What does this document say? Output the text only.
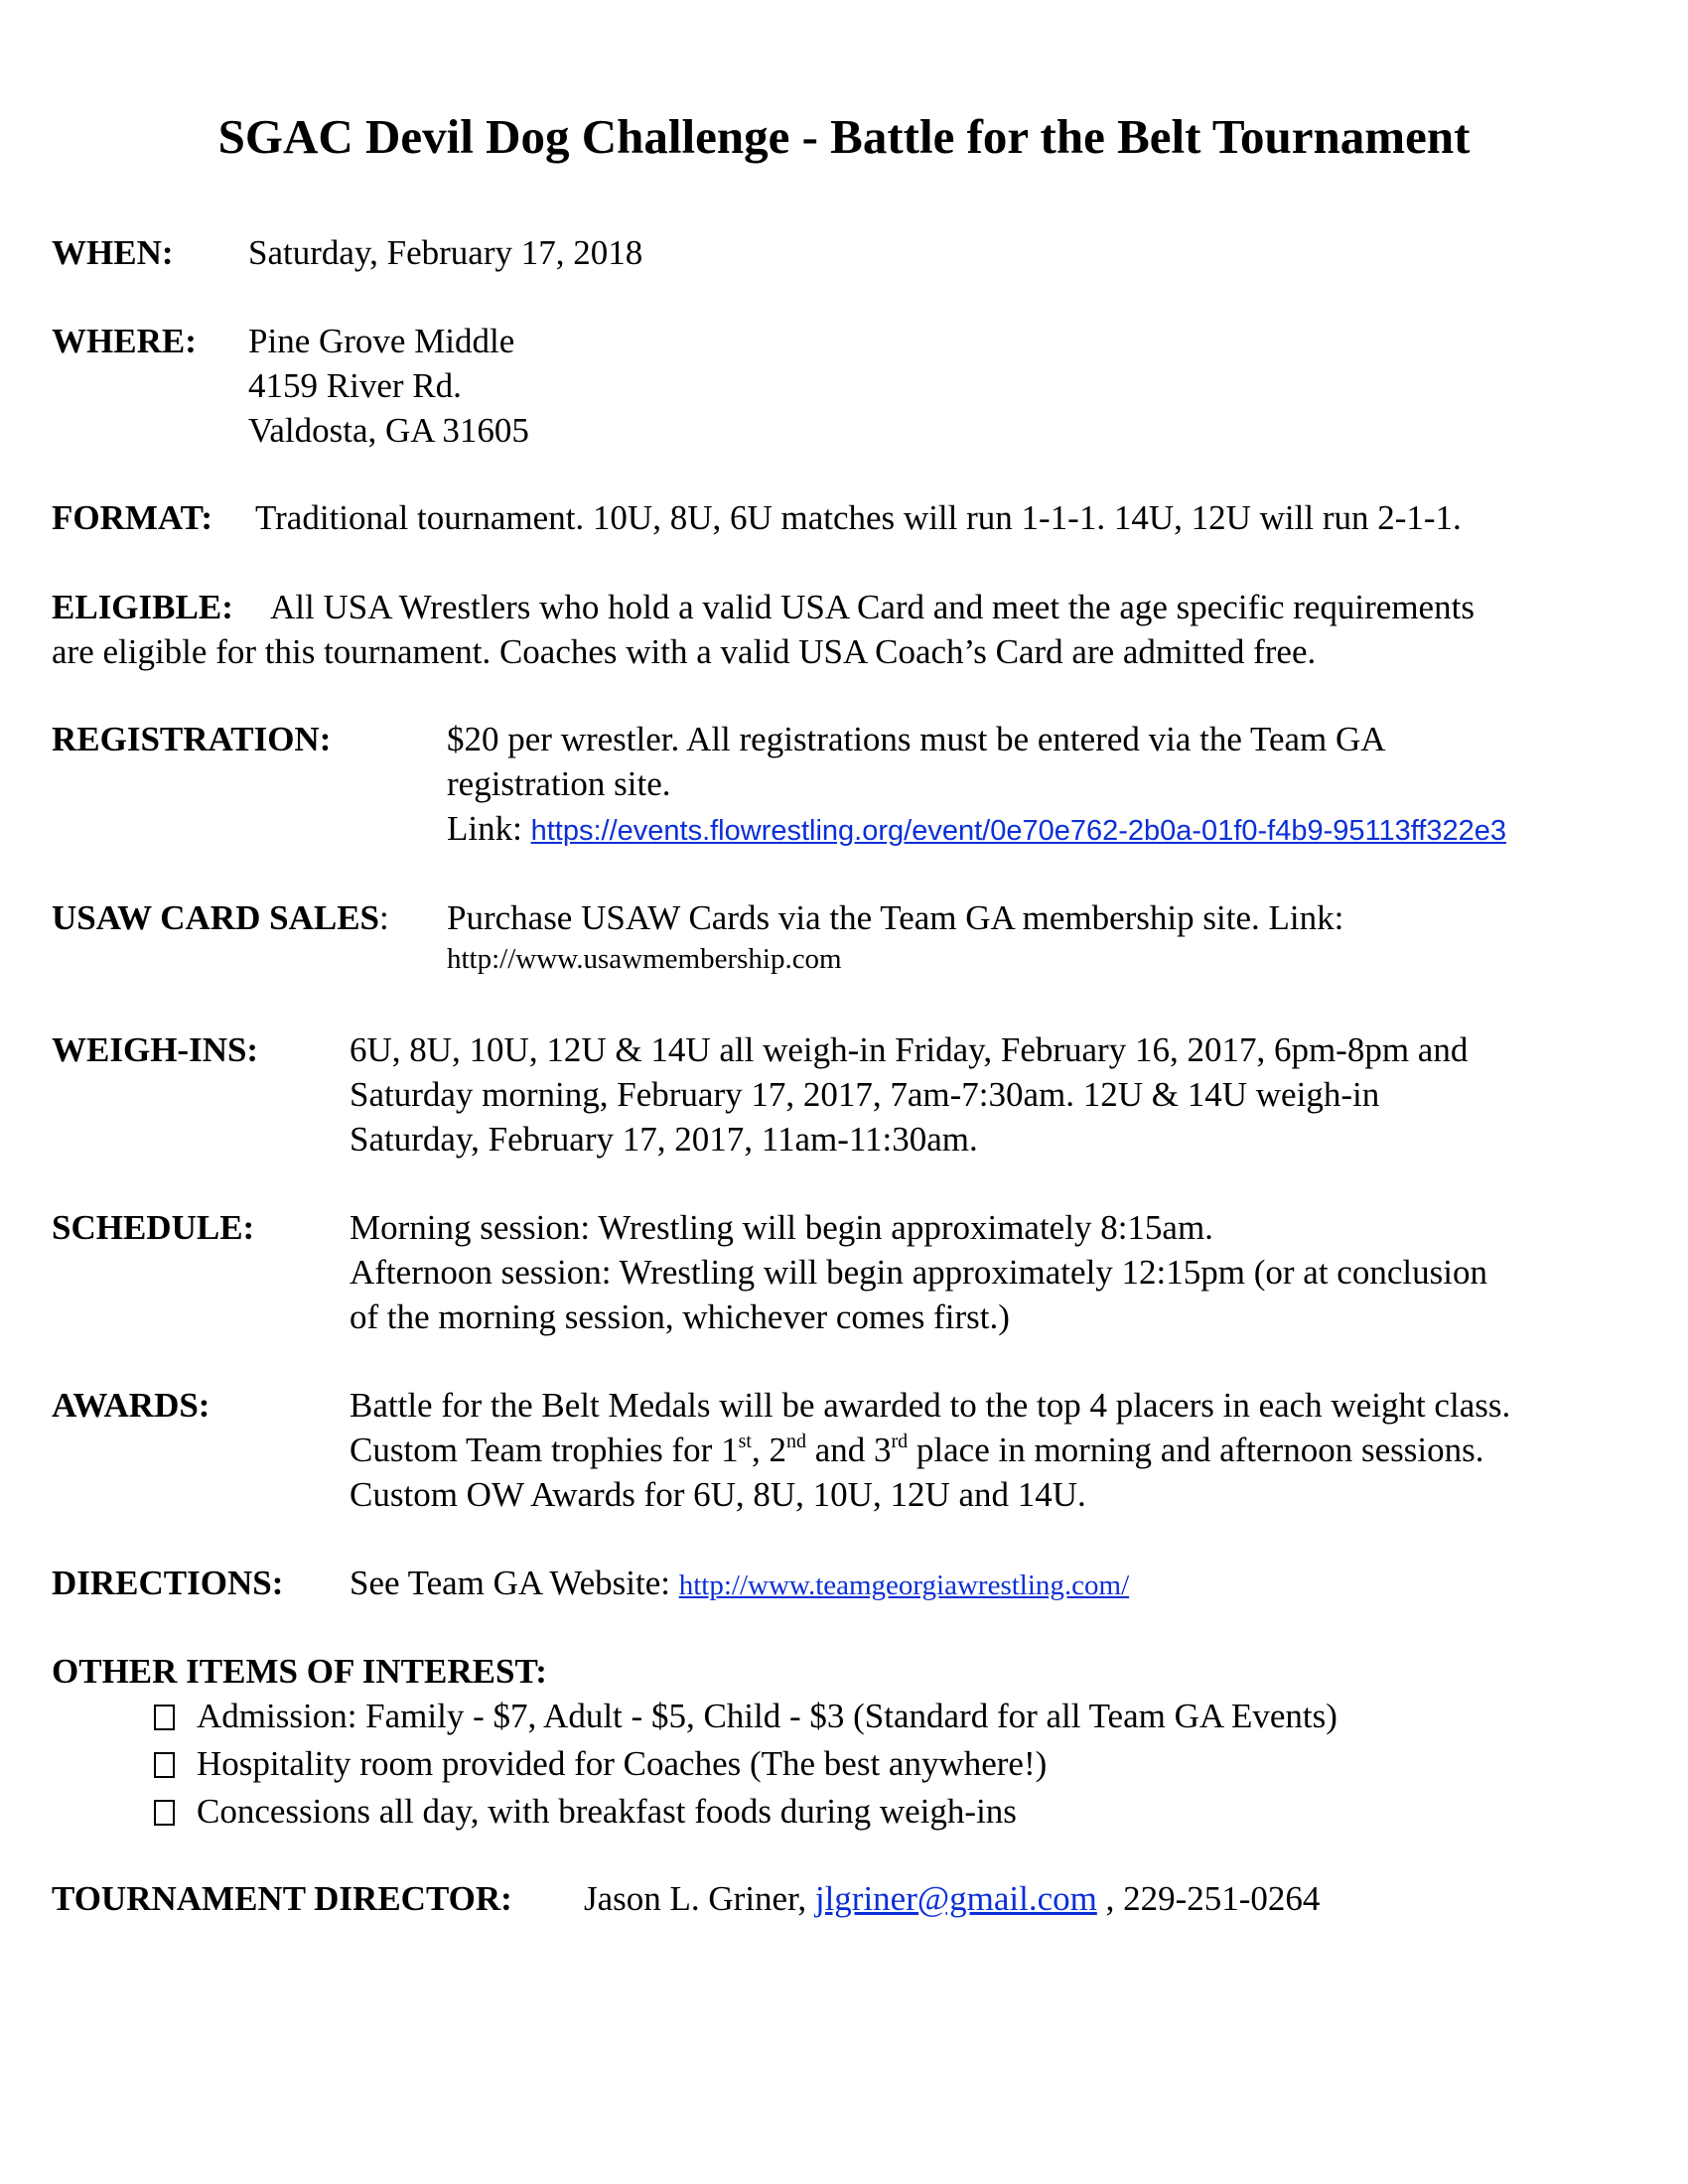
SGAC Devil Dog Challenge - Battle for the Belt Tournament
WHEN: Saturday, February 17, 2018
WHERE: Pine Grove Middle
4159 River Rd.
Valdosta, GA 31605
FORMAT: Traditional tournament. 10U, 8U, 6U matches will run 1-1-1. 14U, 12U will run 2-1-1.
ELIGIBLE: All USA Wrestlers who hold a valid USA Card and meet the age specific requirements
are eligible for this tournament. Coaches with a valid USA Coach’s Card are admitted free.
REGISTRATION:	$20 per wrestler. All registrations must be entered via the Team GA
registration site.
Link: https://events.flowrestling.org/event/0e70e762-2b0a-01f0-f4b9-95113ff322e3
USAW CARD SALES: Purchase USAW Cards via the Team GA membership site. Link:
http://www.usawmembership.com
WEIGH-INS:	6U, 8U, 10U, 12U & 14U all weigh-in Friday, February 16, 2017, 6pm-8pm and
Saturday morning, February 17, 2017, 7am-7:30am. 12U & 14U weigh-in
Saturday, February 17, 2017, 11am-11:30am.
SCHEDULE:	Morning session: Wrestling will begin approximately 8:15am.
Afternoon session: Wrestling will begin approximately 12:15pm (or at conclusion
of the morning session, whichever comes first.)
AWARDS:	Battle for the Belt Medals will be awarded to the top 4 placers in each weight class.
Custom Team trophies for 1st, 2nd and 3rd place in morning and afternoon sessions.
Custom OW Awards for 6U, 8U, 10U, 12U and 14U.
DIRECTIONS: See Team GA Website: http://www.teamgeorgiawrestling.com/
OTHER ITEMS OF INTEREST:
Admission: Family - $7, Adult - $5, Child - $3 (Standard for all Team GA Events)
Hospitality room provided for Coaches (The best anywhere!)
Concessions all day, with breakfast foods during weigh-ins
TOURNAMENT DIRECTOR: Jason L. Griner, jlgriner@gmail.com , 229-251-0264
